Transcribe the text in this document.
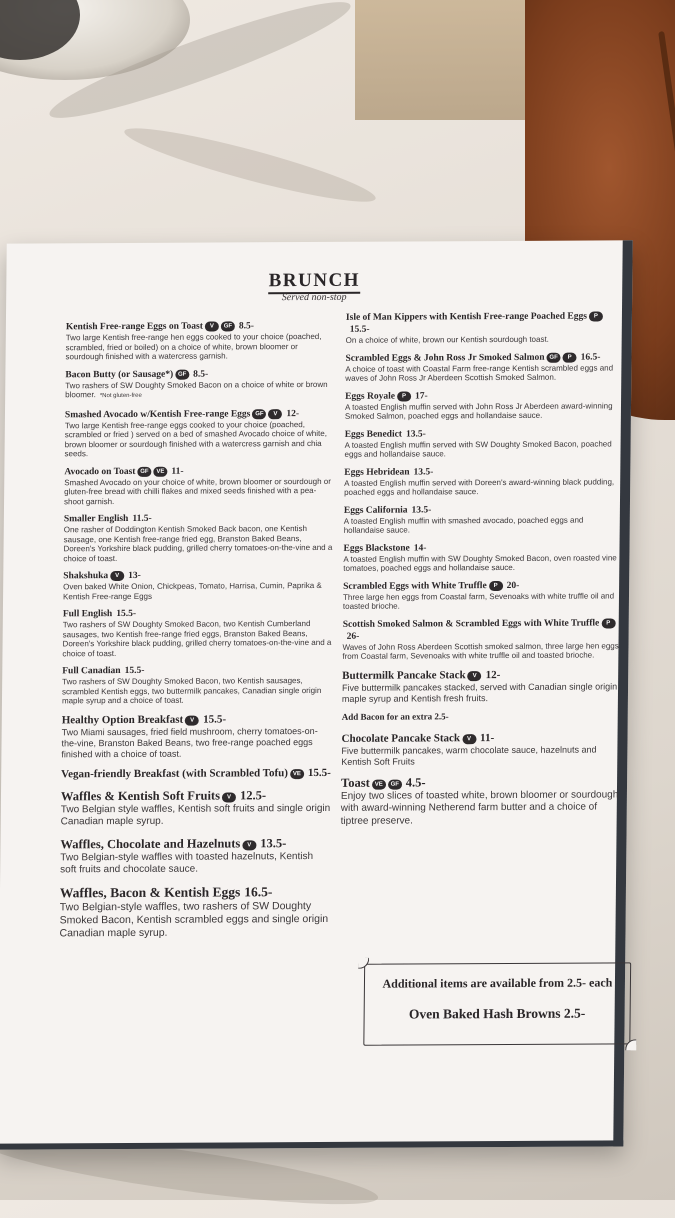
BRUNCH
Served non-stop
Kentish Free-range Eggs on Toast V GF 8.5-
Two large Kentish free-range hen eggs cooked to your choice (poached, scrambled, fried or boiled) on a choice of white, brown bloomer or sourdough finished with a watercress garnish.
Bacon Butty (or Sausage*) GF 8.5-
Two rashers of SW Doughty Smoked Bacon on a choice of white or brown bloomer. *Not gluten-free
Smashed Avocado w/Kentish Free-range Eggs GF V 12-
Two large Kentish free-range eggs cooked to your choice (poached, scrambled or fried ) served on a bed of smashed Avocado choice of white, brown bloomer or sourdough finished with a watercress garnish and chia seeds.
Avocado on Toast GF VE 11-
Smashed Avocado on your choice of white, brown bloomer or sourdough or gluten-free bread with chilli flakes and mixed seeds finished with a pea-shoot garnish.
Smaller English 11.5-
One rasher of Doddington Kentish Smoked Back bacon, one Kentish sausage, one Kentish free-range fried egg, Branston Baked Beans, Doreen's Yorkshire black pudding, grilled cherry tomatoes-on-the-vine and a choice of toast.
Shakshuka V 13-
Oven baked White Onion, Chickpeas, Tomato, Harrisa, Cumin, Paprika & Kentish Free-range Eggs
Full English 15.5-
Two rashers of SW Doughty Smoked Bacon, two Kentish Cumberland sausages, two Kentish free-range fried eggs, Branston Baked Beans, Doreen's Yorkshire black pudding, grilled cherry tomatoes-on-the-vine and a choice of toast.
Full Canadian 15.5-
Two rashers of SW Doughty Smoked Bacon, two Kentish sausages, scrambled Kentish eggs, two buttermilk pancakes, Canadian single origin maple syrup and a choice of toast.
Healthy Option Breakfast V 15.5-
Two Miami sausages, fried field mushroom, cherry tomatoes-on-the-vine, Branston Baked Beans, two free-range poached eggs finished with a choice of toast.
Vegan-friendly Breakfast (with Scrambled Tofu) VE 15.5-
Waffles & Kentish Soft Fruits V 12.5-
Two Belgian style waffles, Kentish soft fruits and single origin Canadian maple syrup.
Waffles, Chocolate and Hazelnuts V 13.5-
Two Belgian-style waffles with toasted hazelnuts, Kentish soft fruits and chocolate sauce.
Waffles, Bacon & Kentish Eggs 16.5-
Two Belgian-style waffles, two rashers of SW Doughty Smoked Bacon, Kentish scrambled eggs and single origin Canadian maple syrup.
Isle of Man Kippers with Kentish Free-range Poached Eggs P15.5-
On a choice of white, brown our Kentish sourdough toast.
Scrambled Eggs & John Ross Jr Smoked Salmon GF P 16.5-
A choice of toast with Coastal Farm free-range Kentish scrambled eggs and waves of John Ross Jr Aberdeen Scottish Smoked Salmon.
Eggs Royale P 17-
A toasted English muffin served with John Ross Jr Aberdeen award-winning Smoked Salmon, poached eggs and hollandaise sauce.
Eggs Benedict 13.5-
A toasted English muffin served with SW Doughty Smoked Bacon, poached eggs and hollandaise sauce.
Eggs Hebridean 13.5-
A toasted English muffin served with Doreen's award-winning black pudding, poached eggs and hollandaise sauce.
Eggs California 13.5-
A toasted English muffin with smashed avocado, poached eggs and hollandaise sauce.
Eggs Blackstone 14-
A toasted English muffin with SW Doughty Smoked Bacon, oven roasted vine tomatoes, poached eggs and hollandaise sauce.
Scrambled Eggs with White Truffle P 20-
Three large hen eggs from Coastal farm, Sevenoaks with white truffle oil and toasted brioche.
Scottish Smoked Salmon & Scrambled Eggs with White Truffle P26-
Waves of John Ross Aberdeen Scottish smoked salmon, three large hen eggs from Coastal farm, Sevenoaks with white truffle oil and toasted brioche.
Buttermilk Pancake Stack V 12-
Five buttermilk pancakes stacked, served with Canadian single origin maple syrup and Kentish fresh fruits.
Add Bacon for an extra 2.5-
Chocolate Pancake Stack V 11-
Five buttermilk pancakes, warm chocolate sauce, hazelnuts and Kentish Soft Fruits
Toast VE GF 4.5-
Enjoy two slices of toasted white, brown bloomer or sourdough with award-winning Netherend farm butter and a choice of tiptree preserve.
Additional items are available from 2.5- each
Oven Baked Hash Browns 2.5-
